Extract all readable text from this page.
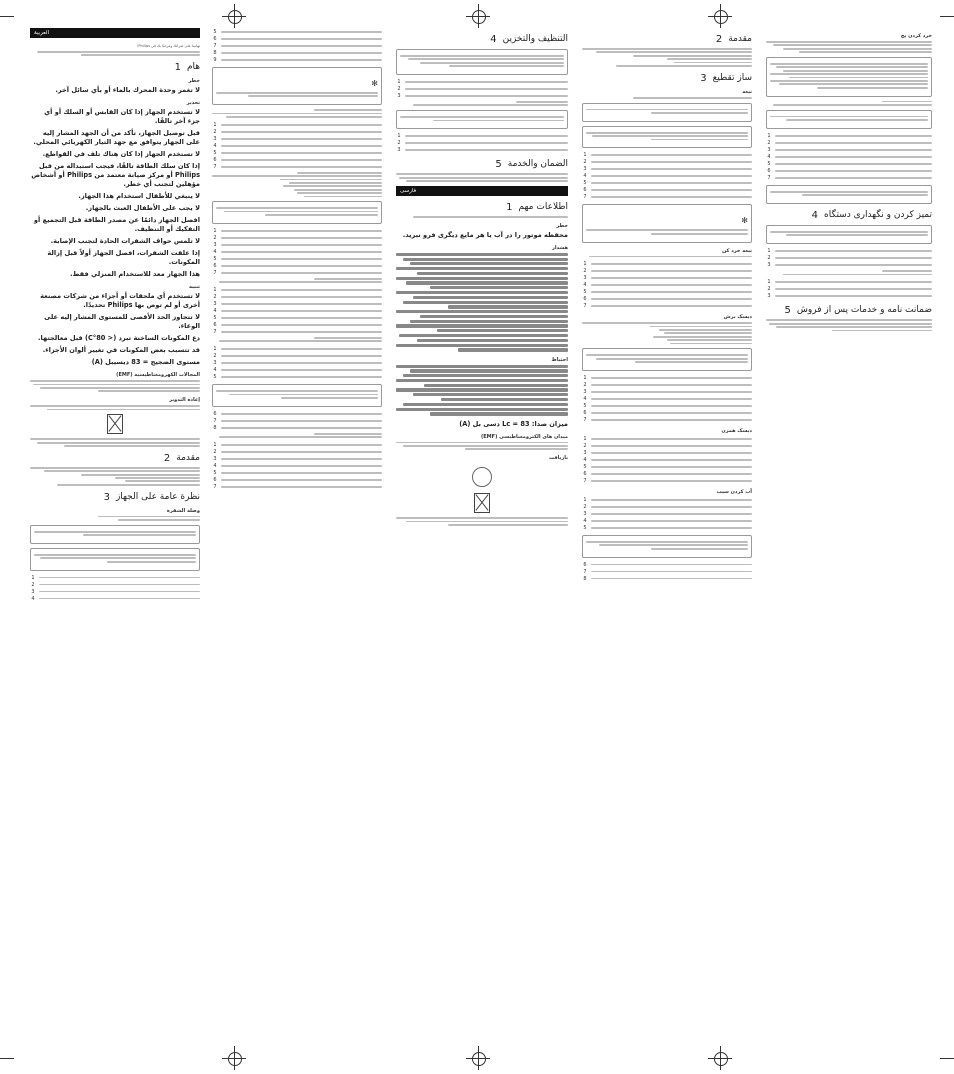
العربية
تهانينا على شرائك ومرحبًا بك في Philips!
1 هام
خطر
لا تغمر وحدة المحرك بالماء أو بأي سائل آخر.
تحذير
لا تستخدم الجهاز إذا كان القابس أو السلك أو أي جزء آخر تالفًا.
قبل توصيل الجهاز، تأكد من أن الجهد المشار إليه على الجهاز يتوافق مع جهد التيار الكهربائي المحلي.
لا تستخدم الجهاز إذا كان هناك تلف في القواطع.
إذا كان سلك الطاقة تالفًا، فيجب استبداله من قبل Philips أو مركز صيانة معتمد من Philips أو أشخاص مؤهلين لتجنب أي خطر.
لا ينبغي للأطفال استخدام هذا الجهاز.
لا يجب على الأطفال العبث بالجهاز.
افصل الجهاز دائمًا عن مصدر الطاقة قبل التجميع أو التفكيك أو التنظيف.
لا تلمس حواف الشفرات الحادة لتجنب الإصابة.
إذا علقت الشفرات، افصل الجهاز أولاً قبل إزالة المكونات.
هذا الجهاز معد للاستخدام المنزلي فقط.
تنبيه
لا تستخدم أي ملحقات أو أجزاء من شركات مصنعة أخرى أو لم توص بها Philips تحديدًا.
لا تتجاوز الحد الأقصى للمستوى المشار إليه على الوعاء.
دع المكونات الساخنة تبرد (< 80°C) قبل معالجتها.
قد تتسبب بعض المكونات في تغيير ألوان الأجزاء.
مستوى الضجيج = 83 ديسيبل (A)
المجالات الكهرومغناطيسية (EMF)
إعادة التدوير
2 مقدمة
3 نظرة عامة على الجهاز
وصلة الشفرة
1
2
3
4
5
6
7
8
9
✻
1
2
3
4
5
6
7
1
2
3
4
5
6
7
1
2
3
4
5
6
7
1
2
3
4
5
6
7
8
1
2
3
4
5
6
7
4 التنظيف والتخزين
1
2
3
1
2
3
5 الضمان والخدمة
فارسی
1 اطلاعات مهم
خطر
محفظه موتور را در آب یا هر مایع دیگری فرو نبرید.
هشدار
احتیاط
میزان صدا: Lc = 83 دسی بل (A)
میدان های الکترومغناطیسی (EMF)
بازیافت
2 مقدمة
3 ساز تقطیع
تیغه
1
2
3
4
5
6
7
✻
تیغه خرد کن
1
2
3
4
5
6
7
دیسک برش
1
2
3
4
5
6
7
دیسک همزن
1
2
3
4
5
6
7
آب کردن سیب
1
2
3
4
5
6
7
8
خرد کردن یخ
1
2
3
4
5
6
7
4 تمیز کردن و نگهداری دستگاه
1
2
3
1
2
3
5 ضمانت نامه و خدمات پس از فروش
